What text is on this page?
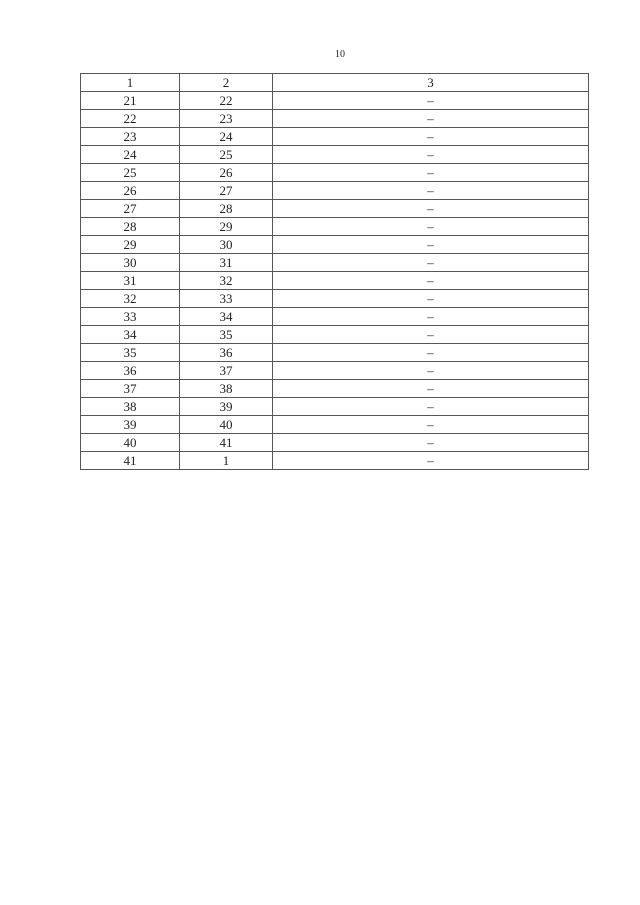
10
1	2	3
21	22	–
22	23	–
23	24	–
24	25	–
25	26	–
26	27	–
27	28	–
28	29	–
29	30	–
30	31	–
31	32	–
32	33	–
33	34	–
34	35	–
35	36	–
36	37	–
37	38	–
38	39	–
39	40	–
40	41	–
41	1	–
